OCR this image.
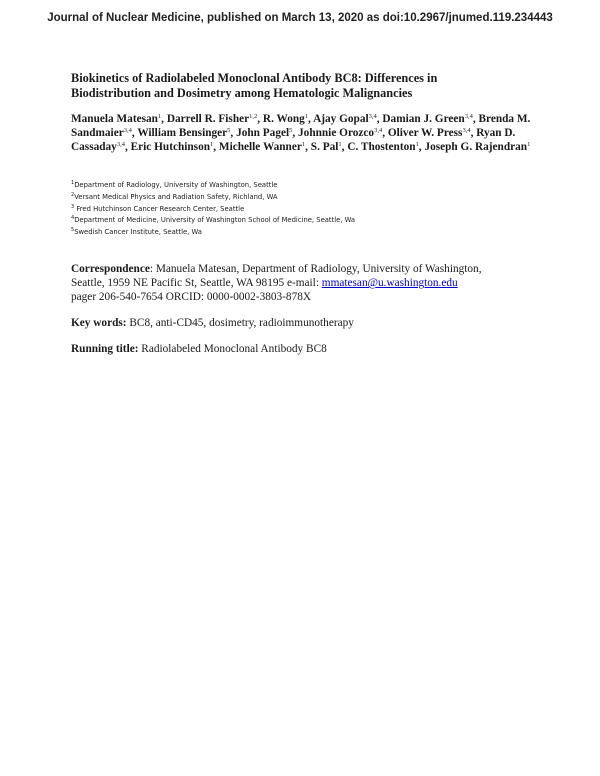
Journal of Nuclear Medicine, published on March 13, 2020 as doi:10.2967/jnumed.119.234443
Biokinetics of Radiolabeled Monoclonal Antibody BC8: Differences in
Biodistribution and Dosimetry among Hematologic Malignancies
Manuela Matesan$^1$, Darrell R. Fisher$^{1,2}$, R. Wong$^1$, Ajay Gopal$^{3,4}$, Damian J. Green$^{3,4}$, Brenda M. Sandmaier$^{3,4}$, William Bensinger$^5$, John Pagel$^5$, Johnnie Orozco$^{3,4}$, Oliver W. Press$^{3,4}$, Ryan D. Cassaday$^{3,4}$, Eric Hutchinson$^1$, Michelle Wanner$^1$, S. Pal$^1$, C. Thostenton$^1$, Joseph G. Rajendran$^1$
$^1$Department of Radiology, University of Washington, Seattle
$^2$Versant Medical Physics and Radiation Safety, Richland, WA
$^3$ Fred Hutchinson Cancer Research Center, Seattle
$^4$Department of Medicine, University of Washington School of Medicine, Seattle, Wa
$^5$Swedish Cancer Institute, Seattle, Wa
Correspondence: Manuela Matesan, Department of Radiology, University of Washington,
Seattle, 1959 NE Pacific St, Seattle, WA 98195 e-mail: mmatesan@u.washington.edu
pager 206-540-7654 ORCID: 0000-0002-3803-878X
Key words: BC8, anti-CD45, dosimetry, radioimmunotherapy
Running title: Radiolabeled Monoclonal Antibody BC8
